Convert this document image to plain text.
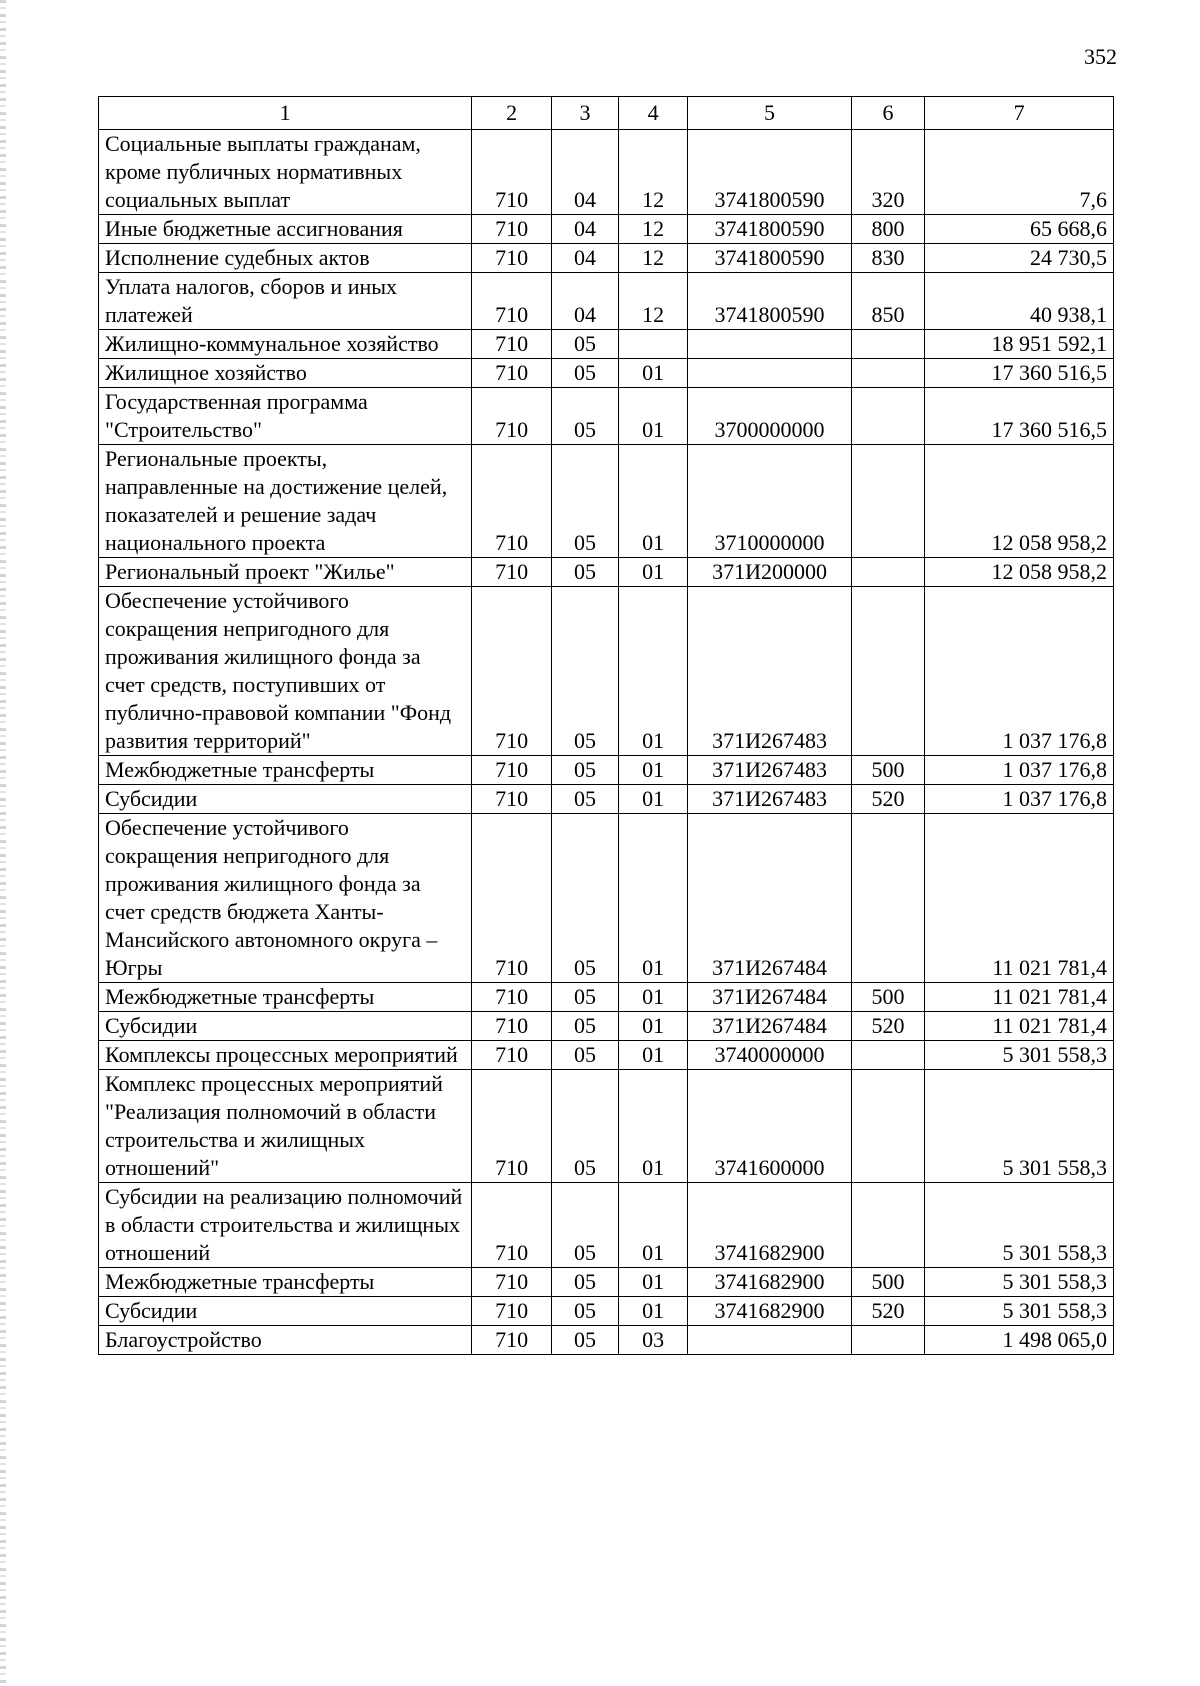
352
1	2	3	4	5	6	7
Социальные выплаты гражданам, кроме публичных нормативных социальных выплат	710	04	12	3741800590	320	7,6
Иные бюджетные ассигнования	710	04	12	3741800590	800	65 668,6
Исполнение судебных актов	710	04	12	3741800590	830	24 730,5
Уплата налогов, сборов и иных платежей	710	04	12	3741800590	850	40 938,1
Жилищно-коммунальное хозяйство	710	05				18 951 592,1
Жилищное хозяйство	710	05	01			17 360 516,5
Государственная программа "Строительство"	710	05	01	3700000000		17 360 516,5
Региональные проекты, направленные на достижение целей, показателей и решение задач национального проекта	710	05	01	3710000000		12 058 958,2
Региональный проект "Жилье"	710	05	01	371И200000		12 058 958,2
Обеспечение устойчивого сокращения непригодного для проживания жилищного фонда за счет средств, поступивших от публично-правовой компании "Фонд развития территорий"	710	05	01	371И267483		1 037 176,8
Межбюджетные трансферты	710	05	01	371И267483	500	1 037 176,8
Субсидии	710	05	01	371И267483	520	1 037 176,8
Обеспечение устойчивого сокращения непригодного для проживания жилищного фонда за счет средств бюджета Ханты-Мансийского автономного округа – Югры	710	05	01	371И267484		11 021 781,4
Межбюджетные трансферты	710	05	01	371И267484	500	11 021 781,4
Субсидии	710	05	01	371И267484	520	11 021 781,4
Комплексы процессных мероприятий	710	05	01	3740000000		5 301 558,3
Комплекс процессных мероприятий "Реализация полномочий в области строительства и жилищных отношений"	710	05	01	3741600000		5 301 558,3
Субсидии на реализацию полномочий в области строительства и жилищных отношений	710	05	01	3741682900		5 301 558,3
Межбюджетные трансферты	710	05	01	3741682900	500	5 301 558,3
Субсидии	710	05	01	3741682900	520	5 301 558,3
Благоустройство	710	05	03			1 498 065,0
